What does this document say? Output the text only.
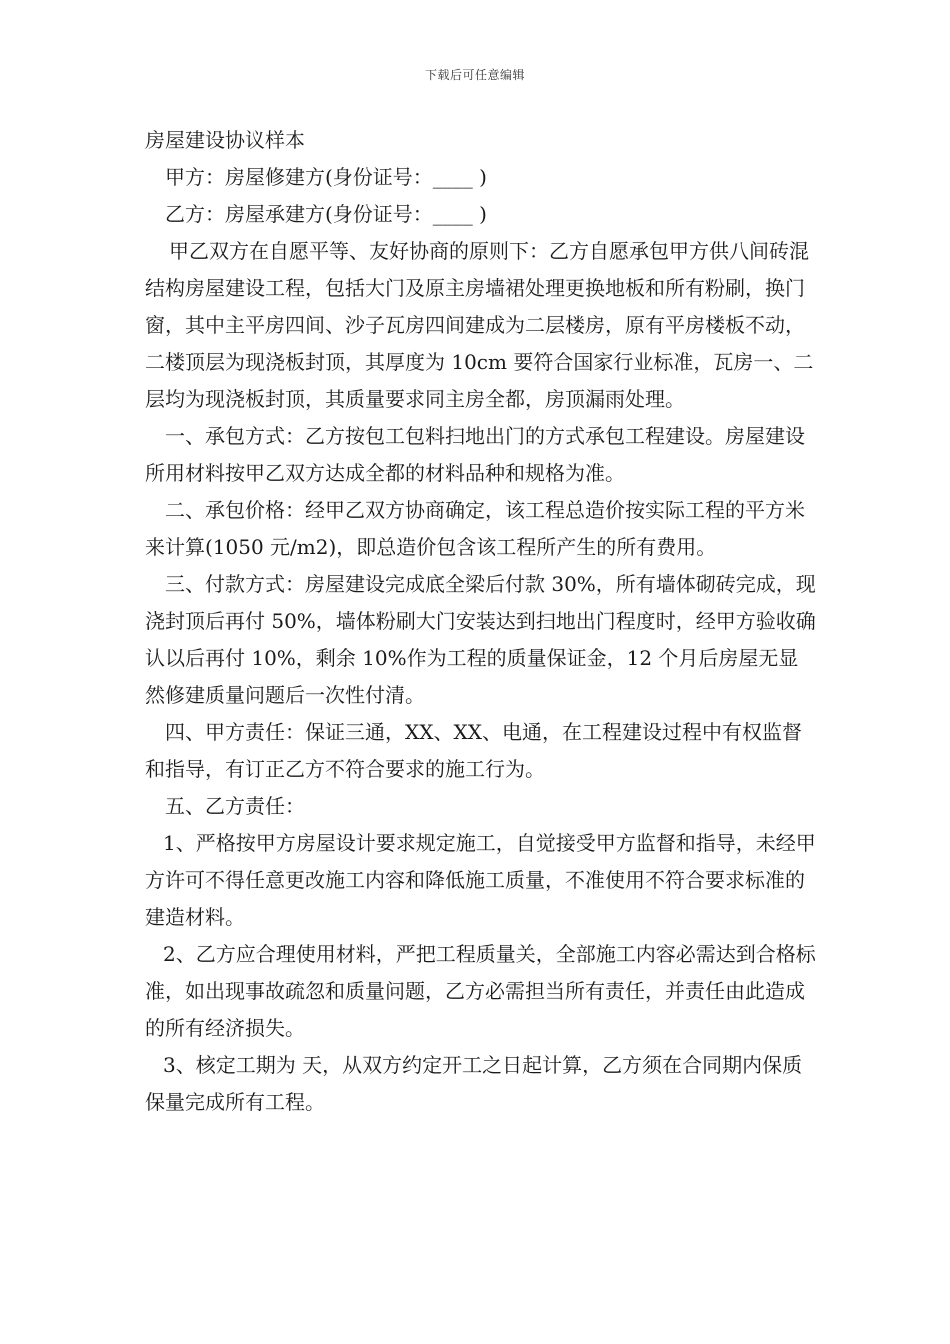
下载后可任意编辑
房屋建设协议样本

甲方：房屋修建方(身份证号：____ )

乙方：房屋承建方(身份证号：____ )

甲乙双方在自愿平等、友好协商的原则下：乙方自愿承包甲方供八间砖混结构房屋建设工程，包括大门及原主房墙裙处理更换地板和所有粉刷，换门窗，其中主平房四间、沙子瓦房四间建成为二层楼房，原有平房楼板不动，二楼顶层为现浇板封顶，其厚度为 10cm 要符合国家行业标准，瓦房一、二层均为现浇板封顶，其质量要求同主房全都，房顶漏雨处理。

一、承包方式：乙方按包工包料扫地出门的方式承包工程建设。房屋建设所用材料按甲乙双方达成全都的材料品种和规格为准。

二、承包价格：经甲乙双方协商确定，该工程总造价按实际工程的平方米来计算(1050 元/m2)，即总造价包含该工程所产生的所有费用。

三、付款方式：房屋建设完成底全梁后付款 30%，所有墙体砌砖完成，现浇封顶后再付 50%，墙体粉刷大门安装达到扫地出门程度时，经甲方验收确认以后再付 10%，剩余 10%作为工程的质量保证金，12 个月后房屋无显然修建质量问题后一次性付清。

四、甲方责任：保证三通，XX、XX、电通，在工程建设过程中有权监督和指导，有订正乙方不符合要求的施工行为。

五、乙方责任：

1、严格按甲方房屋设计要求规定施工，自觉接受甲方监督和指导，未经甲方许可不得任意更改施工内容和降低施工质量，不准使用不符合要求标准的建造材料。

2、乙方应合理使用材料，严把工程质量关，全部施工内容必需达到合格标准，如出现事故疏忽和质量问题，乙方必需担当所有责任，并责任由此造成的所有经济损失。

3、核定工期为 天，从双方约定开工之日起计算，乙方须在合同期内保质保量完成所有工程。
